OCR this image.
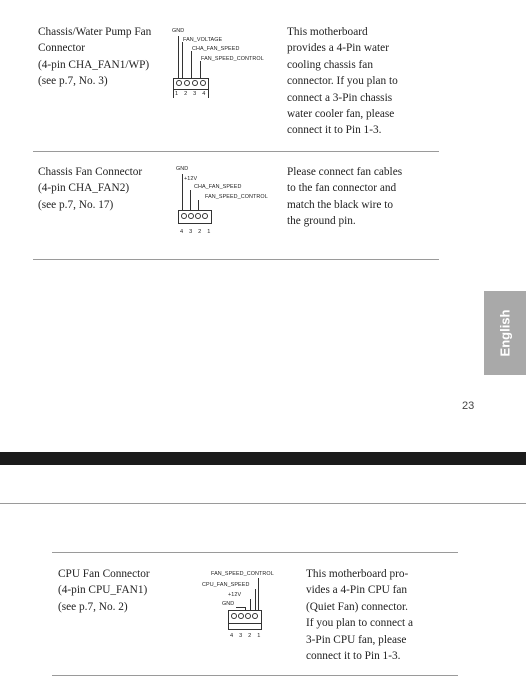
Chassis/Water Pump Fan
Connector
(4-pin CHA_FAN1/WP)
(see p.7, No. 3)
GND
FAN_VOLTAGE
CHA_FAN_SPEED
FAN_SPEED_CONTROL
1 2 3 4
This motherboard
provides a 4-Pin water
cooling chassis fan
connector. If you plan to
connect a 3-Pin chassis
water cooler fan, please
connect it to Pin 1-3.
Chassis Fan Connector
(4-pin CHA_FAN2)
(see p.7, No. 17)
GND
+12V
CHA_FAN_SPEED
FAN_SPEED_CONTROL
4 3 2 1
Please connect fan cables
to the fan connector and
match the black wire to
the ground pin.
English
23
CPU Fan Connector
(4-pin CPU_FAN1)
(see p.7, No. 2)
FAN_SPEED_CONTROL
CPU_FAN_SPEED
+12V
GND
4 3 2 1
This motherboard pro-
vides a 4-Pin CPU fan
(Quiet Fan) connector.
If you plan to connect a
3-Pin CPU fan, please
connect it to Pin 1-3.
